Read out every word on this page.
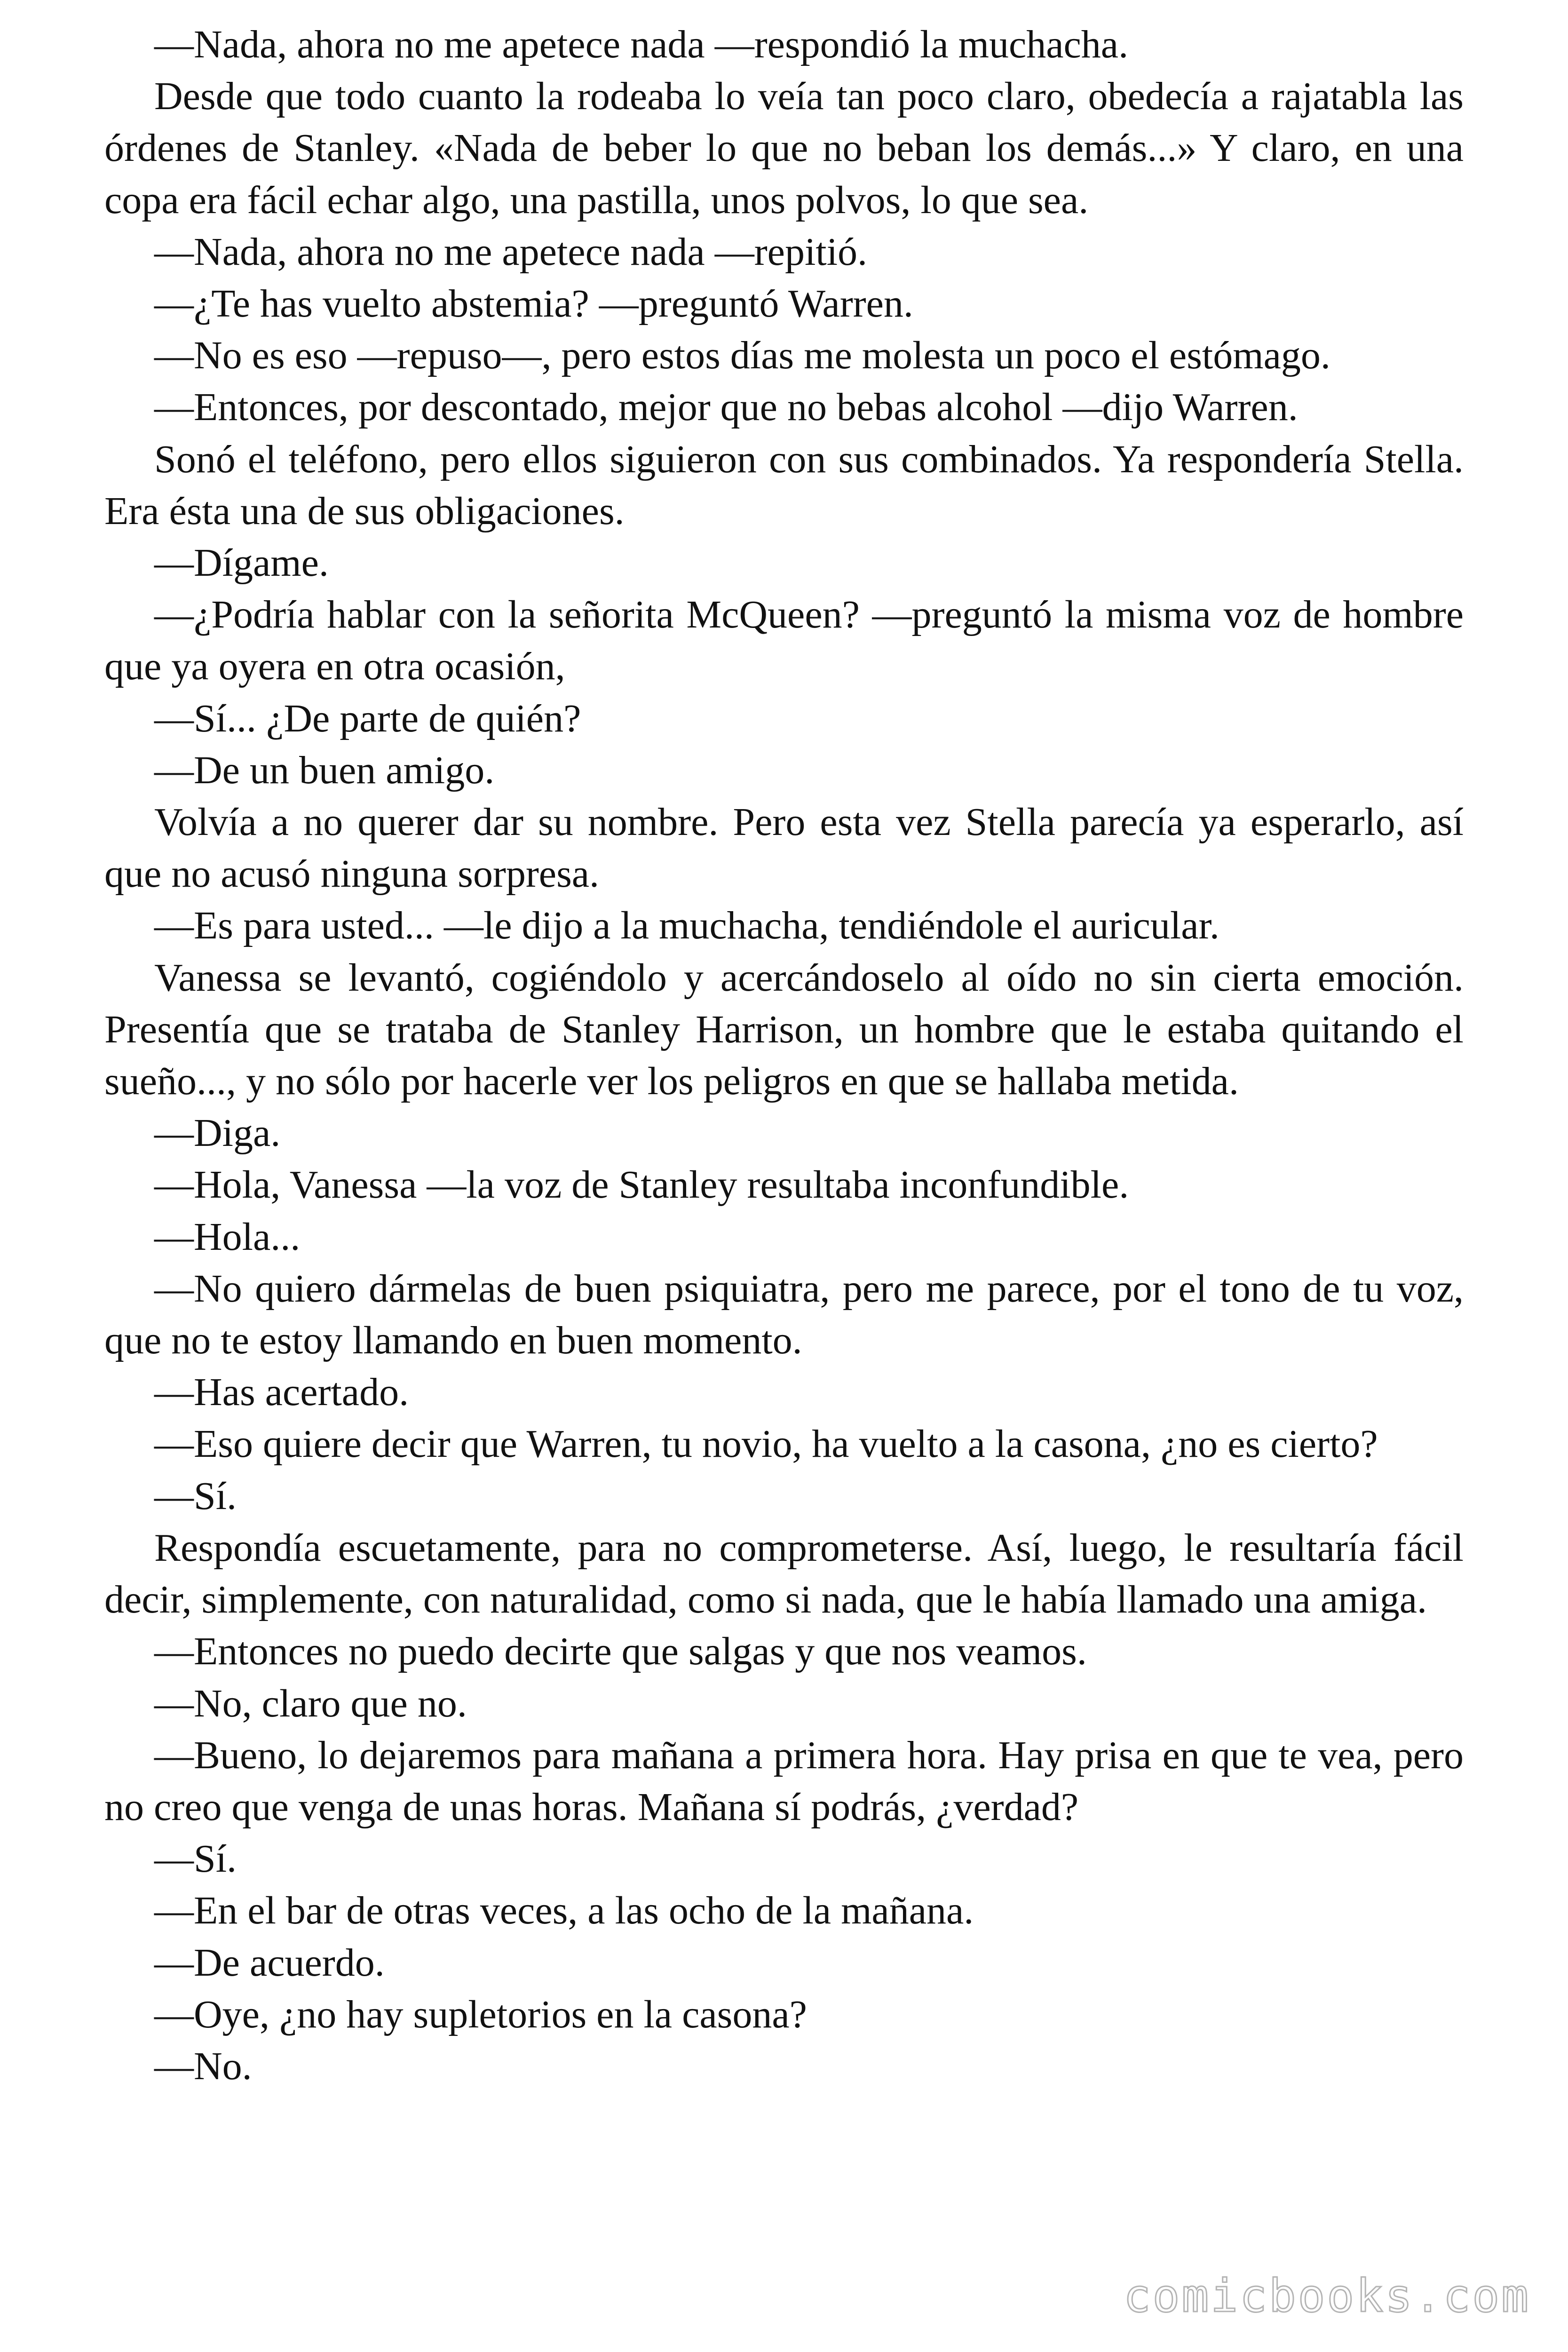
—Nada, ahora no me apetece nada —respondió la muchacha.

Desde que todo cuanto la rodeaba lo veía tan poco claro, obedecía a rajatabla las órdenes de Stanley. «Nada de beber lo que no beban los demás...» Y claro, en una copa era fácil echar algo, una pastilla, unos polvos, lo que sea.

—Nada, ahora no me apetece nada —repitió.

—¿Te has vuelto abstemia? —preguntó Warren.

—No es eso —repuso—, pero estos días me molesta un poco el estómago.

—Entonces, por descontado, mejor que no bebas alcohol —dijo Warren.

Sonó el teléfono, pero ellos siguieron con sus combinados. Ya respondería Stella. Era ésta una de sus obligaciones.

—Dígame.

—¿Podría hablar con la señorita McQueen? —preguntó la misma voz de hombre que ya oyera en otra ocasión,

—Sí... ¿De parte de quién?

—De un buen amigo.

Volvía a no querer dar su nombre. Pero esta vez Stella parecía ya esperarlo, así que no acusó ninguna sorpresa.

—Es para usted... —le dijo a la muchacha, tendiéndole el auricular.

Vanessa se levantó, cogiéndolo y acercándoselo al oído no sin cierta emoción. Presentía que se trataba de Stanley Harrison, un hombre que le estaba quitando el sueño..., y no sólo por hacerle ver los peligros en que se hallaba metida.

—Diga.

—Hola, Vanessa —la voz de Stanley resultaba inconfundible.

—Hola...

—No quiero dármelas de buen psiquiatra, pero me parece, por el tono de tu voz, que no te estoy llamando en buen momento.

—Has acertado.

—Eso quiere decir que Warren, tu novio, ha vuelto a la casona, ¿no es cierto?

—Sí.

Respondía escuetamente, para no comprometerse. Así, luego, le resultaría fácil decir, simplemente, con naturalidad, como si nada, que le había llamado una amiga.

—Entonces no puedo decirte que salgas y que nos veamos.

—No, claro que no.

—Bueno, lo dejaremos para mañana a primera hora. Hay prisa en que te vea, pero no creo que venga de unas horas. Mañana sí podrás, ¿verdad?

—Sí.

—En el bar de otras veces, a las ocho de la mañana.

—De acuerdo.

—Oye, ¿no hay supletorios en la casona?

—No.

comicbooks.com
